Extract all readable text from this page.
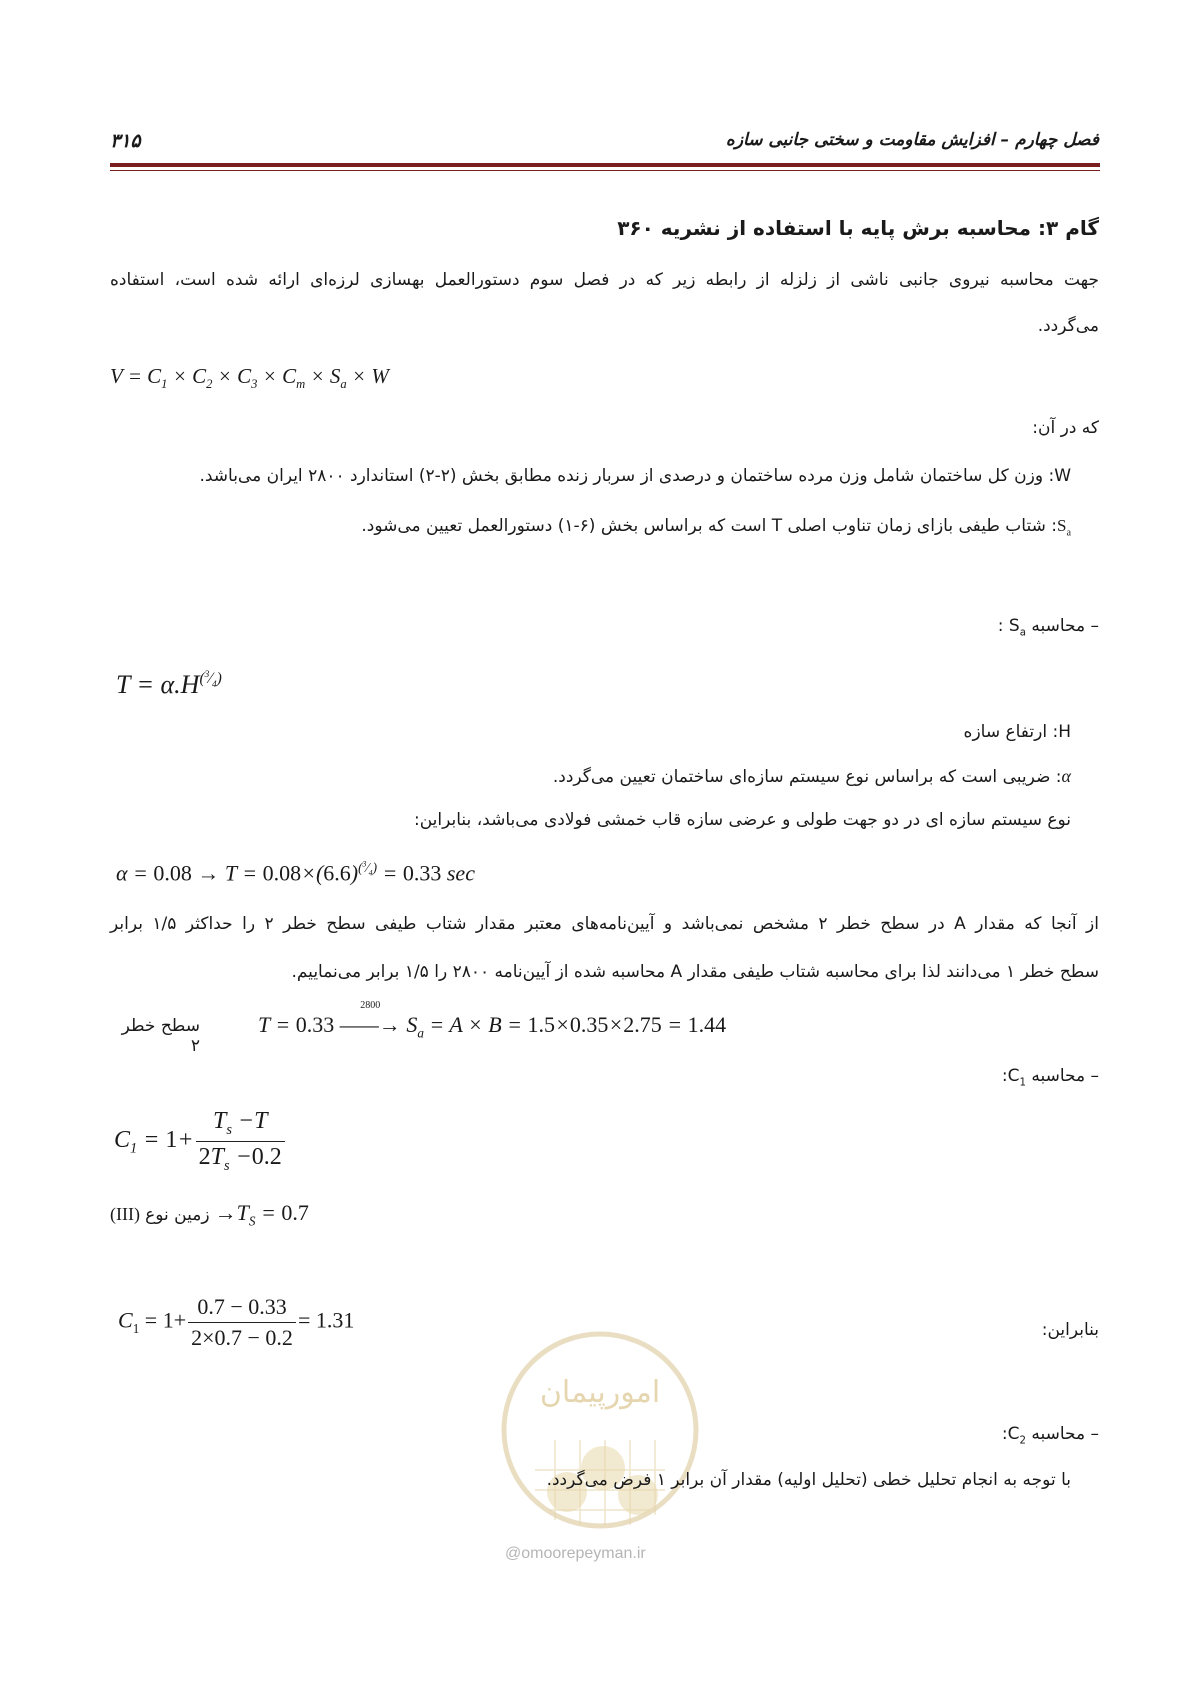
۳۱۵	فصل چهارم – افزایش مقاومت و سختی جانبی سازه
گام ۳: محاسبه برش پایه با استفاده از نشریه ۳۶۰
جهت محاسبه نیروی جانبی ناشی از زلزله از رابطه زیر که در فصل سوم دستورالعمل بهسازی لرزه‌ای ارائه شده است، استفاده
می‌گردد.
$V = C_1 \times C_2 \times C_3 \times C_m \times S_a \times W$
که در آن:
W: وزن کل ساختمان شامل وزن مرده ساختمان و درصدی از سربار زنده مطابق بخش (۲-۲) استاندارد ۲۸۰۰ ایران می‌باشد.
$S_a$: شتاب طیفی بازای زمان تناوب اصلی T است که براساس بخش (۶-۱) دستورالعمل تعیین می‌شود.
– محاسبه $S_a$ :
$T = \alpha.H^{(^3⁄_4)}$
H: ارتفاع سازه
α: ضریبی است که براساس نوع سیستم سازه‌ای ساختمان تعیین می‌گردد.
نوع سیستم سازه ای در دو جهت طولی و عرضی سازه قاب خمشی فولادی می‌باشد، بنابراین:
$\alpha = 0.08 \to T = 0.08\times(6.6)^{(^3⁄_4)} = 0.33$ sec
از آنجا که مقدار A در سطح خطر ۲ مشخص نمی‌باشد و آیین‌نامه‌های معتبر مقدار شتاب طیفی سطح خطر ۲ را حداکثر ۱/۵ برابر
سطح خطر ۱ می‌دانند لذا برای محاسبه شتاب طیفی مقدار A محاسبه شده از آیین‌نامه ۲۸۰۰ را ۱/۵ برابر می‌نماییم.
سطح خطر ۲
T = 0.33
2800
——→ $S_a = A \times B = 1.5\times 0.35\times 2.75 = 1.44$
– محاسبه $C_1$:
$C_1 = 1+ \frac{T_s -T}{2T_s -0.2}$
(III) زمین نوع $\to T_S = 0.7$
$C_1 = 1+ \frac{0.7 - 0.33}{2\times 0.7 - 0.2} = 1.31$	بنابراین:
امورپیمان
– محاسبه $C_2$:
با توجه به انجام تحلیل خطی (تحلیل اولیه) مقدار آن برابر ۱ فرض می‌گردد.
@omoorepeyman.ir
